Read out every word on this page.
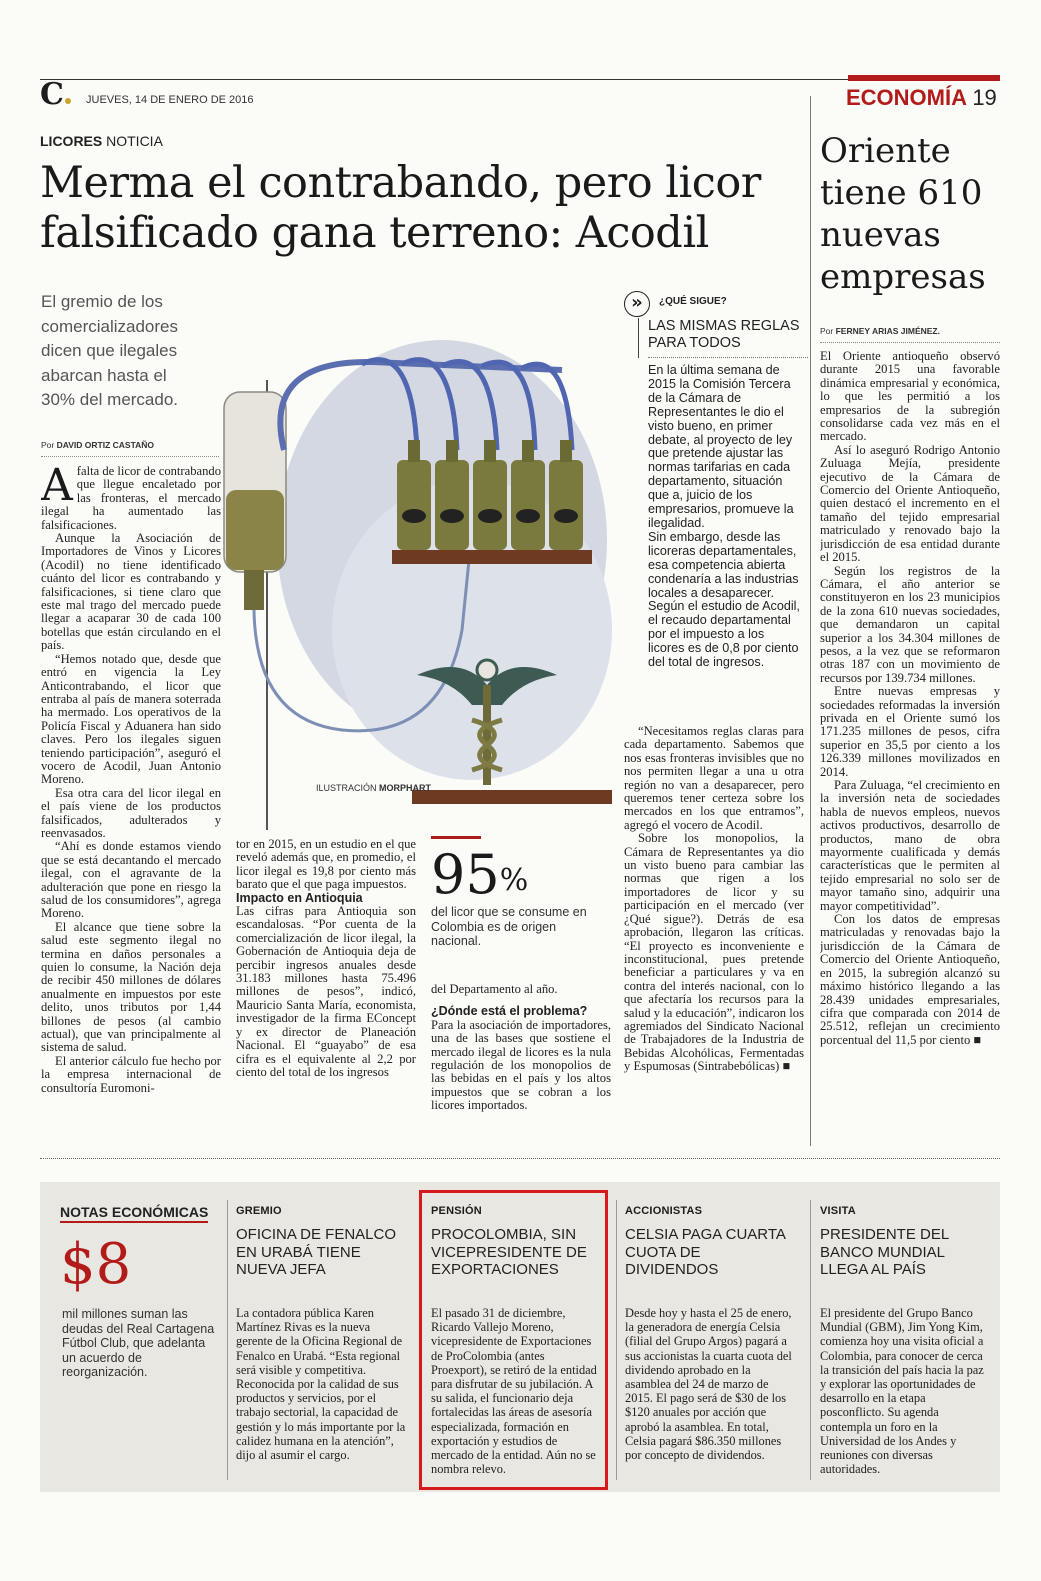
C	JUEVES, 14 DE ENERO DE 2016	ECONOMÍA 19
LICORES NOTICIA
Merma el contrabando, pero licor
falsificado gana terreno: Acodil
El gremio de los
comercializadores
dicen que ilegales
abarcan hasta el
30% del mercado.
Por DAVID ORTIZ CASTAÑO
ILUSTRACIÓN MORPHART

Afalta de licor de contrabando que llegue encaletado por las fronteras, el mercado ilegal ha aumentado las falsificaciones.

Aunque la Asociación de Importadores de Vinos y Licores (Acodil) no tiene identificado cuánto del licor es contrabando y falsificaciones, si tiene claro que este mal trago del mercado puede llegar a acaparar 30 de cada 100 botellas que están circulando en el país.

“Hemos notado que, desde que entró en vigencia la Ley Anticontrabando, el licor que entraba al país de manera soterrada ha mermado. Los operativos de la Policía Fiscal y Aduanera han sido claves. Pero los ilegales siguen teniendo participación”, aseguró el vocero de Acodil, Juan Antonio Moreno.

Esa otra cara del licor ilegal en el país viene de los productos falsificados, adulterados y reenvasados.

“Ahí es donde estamos viendo que se está decantando el mercado ilegal, con el agravante de la adulteración que pone en riesgo la salud de los consumidores”, agrega Moreno.

El alcance que tiene sobre la salud este segmento ilegal no termina en daños personales a quien lo consume, la Nación deja de recibir 450 millones de dólares anualmente en impuestos por este delito, unos tributos por 1,44 billones de pesos (al cambio actual), que van principalmente al sistema de salud.

El anterior cálculo fue hecho por la empresa internacional de consultoría Euromoni-

tor en 2015, en un estudio en el que reveló además que, en promedio, el licor ilegal es 19,8 por ciento más barato que el que paga impuestos.

Impacto en Antioquia

Las cifras para Antioquia son escandalosas. “Por cuenta de la comercialización de licor ilegal, la Gobernación de Antioquia deja de percibir ingresos anuales desde 31.183 millones hasta 75.496 millones de pesos”, indicó, Mauricio Santa María, economista, investigador de la firma EConcept y ex director de Planeación Nacional. El “guayabo” de esa cifra es el equivalente al 2,2 por ciento del total de los ingresos

95%
del licor que se consume en Colombia es de origen nacional.

del Departamento al año.

¿Dónde está el problema?

Para la asociación de importadores, una de las bases que sostiene el mercado ilegal de licores es la nula regulación de los monopolios de las bebidas en el país y los altos impuestos que se cobran a los licores importados.

»	¿QUÉ SIGUE?
LAS MISMAS REGLAS
PARA TODOS

En la última semana de 2015 la Comisión Tercera de la Cámara de Representantes le dio el visto bueno, en primer debate, al proyecto de ley que pretende ajustar las normas tarifarias en cada departamento, situación que a, juicio de los empresarios, promueve la ilegalidad.

Sin embargo, desde las licoreras departamentales, esa competencia abierta condenaría a las industrias locales a desaparecer.

Según el estudio de Acodil, el recaudo departamental por el impuesto a los licores es de 0,8 por ciento del total de ingresos.

“Necesitamos reglas claras para cada departamento. Sabemos que nos esas fronteras invisibles que no nos permiten llegar a una u otra región no van a desaparecer, pero queremos tener certeza sobre los mercados en los que entramos”, agregó el vocero de Acodil.

Sobre los monopolios, la Cámara de Representantes ya dio un visto bueno para cambiar las normas que rigen a los importadores de licor y su participación en el mercado (ver ¿Qué sigue?). Detrás de esa aprobación, llegaron las críticas. “El proyecto es inconveniente e inconstitucional, pues pretende beneficiar a particulares y va en contra del interés nacional, con lo que afectaría los recursos para la salud y la educación”, indicaron los agremiados del Sindicato Nacional de Trabajadores de la Industria de Bebidas Alcohólicas, Fermentadas y Espumosas (Sintrabebólicas) ■

Oriente
tiene 610
nuevas
empresas
Por FERNEY ARIAS JIMÉNEZ.

El Oriente antioqueño observó durante 2015 una favorable dinámica empresarial y económica, lo que les permitió a los empresarios de la subregión consolidarse cada vez más en el mercado.

Así lo aseguró Rodrigo Antonio Zuluaga Mejía, presidente ejecutivo de la Cámara de Comercio del Oriente Antioqueño, quien destacó el incremento en el tamaño del tejido empresarial matriculado y renovado bajo la jurisdicción de esa entidad durante el 2015.

Según los registros de la Cámara, el año anterior se constituyeron en los 23 municipios de la zona 610 nuevas sociedades, que demandaron un capital superior a los 34.304 millones de pesos, a la vez que se reformaron otras 187 con un movimiento de recursos por 139.734 millones.

Entre nuevas empresas y sociedades reformadas la inversión privada en el Oriente sumó los 171.235 millones de pesos, cifra superior en 35,5 por ciento a los 126.339 millones movilizados en 2014.

Para Zuluaga, “el crecimiento en la inversión neta de sociedades habla de nuevos empleos, nuevos activos productivos, desarrollo de productos, mano de obra mayormente cualificada y demás características que le permiten al tejido empresarial no solo ser de mayor tamaño sino, adquirir una mayor competitividad”.

Con los datos de empresas matriculadas y renovadas bajo la jurisdicción de la Cámara de Comercio del Oriente Antioqueño, en 2015, la subregión alcanzó su máximo histórico llegando a las 28.439 unidades empresariales, cifra que comparada con 2014 de 25.512, reflejan un crecimiento porcentual del 11,5 por ciento ■

NOTAS ECONÓMICAS
$8
mil millones suman las deudas del Real Cartagena Fútbol Club, que adelanta un acuerdo de reorganización.
GREMIO
OFICINA DE FENALCO EN URABÁ TIENE NUEVA JEFA
La contadora pública Karen Martínez Rivas es la nueva gerente de la Oficina Regional de Fenalco en Urabá. “Esta regional será visible y competitiva. Reconocida por la calidad de sus productos y servicios, por el trabajo sectorial, la capacidad de gestión y lo más importante por la calidez humana en la atención”, dijo al asumir el cargo.
PENSIÓN
PROCOLOMBIA, SIN VICEPRESIDENTE DE EXPORTACIONES
El pasado 31 de diciembre, Ricardo Vallejo Moreno, vicepresidente de Exportaciones de ProColombia (antes Proexport), se retiró de la entidad para disfrutar de su jubilación. A su salida, el funcionario deja fortalecidas las áreas de asesoría especializada, formación en exportación y estudios de mercado de la entidad. Aún no se nombra relevo.
ACCIONISTAS
CELSIA PAGA CUARTA CUOTA DE DIVIDENDOS
Desde hoy y hasta el 25 de enero, la generadora de energía Celsia (filial del Grupo Argos) pagará a sus accionistas la cuarta cuota del dividendo aprobado en la asamblea del 24 de marzo de 2015. El pago será de $30 de los $120 anuales por acción que aprobó la asamblea. En total, Celsia pagará $86.350 millones por concepto de dividendos.
VISITA
PRESIDENTE DEL BANCO MUNDIAL LLEGA AL PAÍS
El presidente del Grupo Banco Mundial (GBM), Jim Yong Kim, comienza hoy una visita oficial a Colombia, para conocer de cerca la transición del país hacia la paz y explorar las oportunidades de desarrollo en la etapa posconflicto. Su agenda contempla un foro en la Universidad de los Andes y reuniones con diversas autoridades.
